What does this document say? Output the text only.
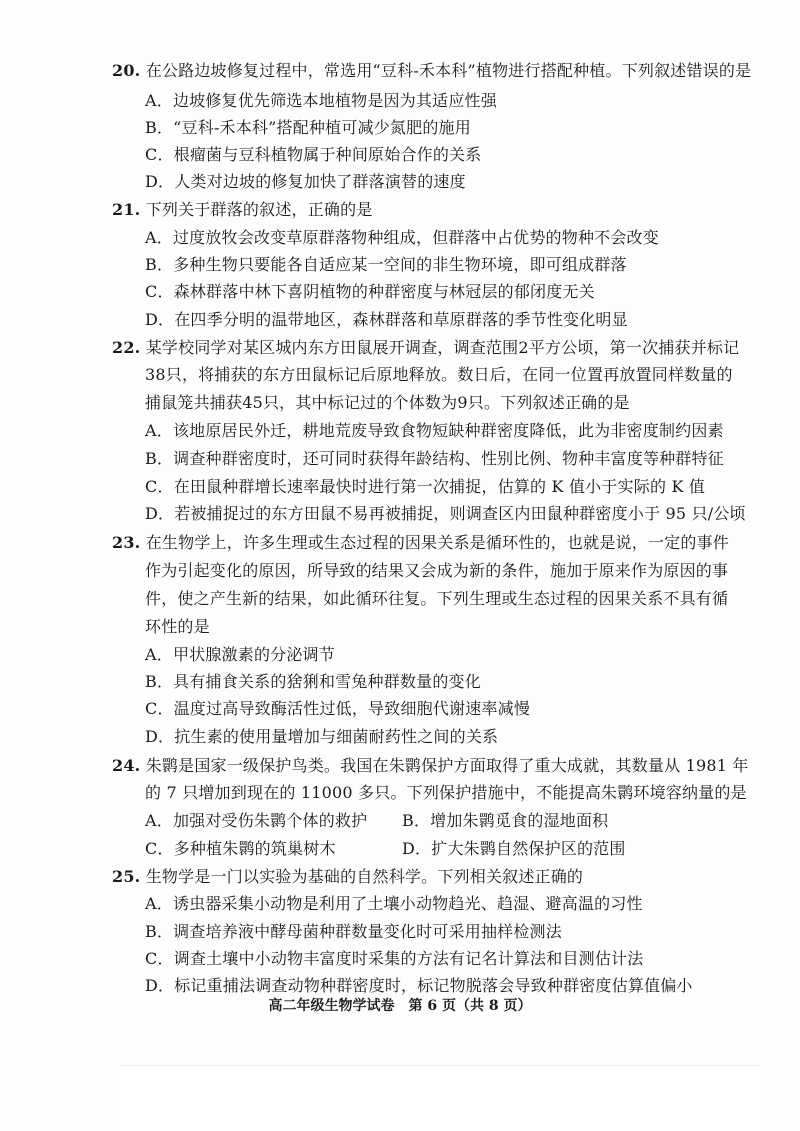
20. 在公路边坡修复过程中，常选用“豆科-禾本科”植物进行搭配种植。下列叙述错误的是
A．边坡修复优先筛选本地植物是因为其适应性强
B．“豆科-禾本科”搭配种植可减少氮肥的施用
C．根瘤菌与豆科植物属于种间原始合作的关系
D．人类对边坡的修复加快了群落演替的速度
21. 下列关于群落的叙述，正确的是
A．过度放牧会改变草原群落物种组成，但群落中占优势的物种不会改变
B．多种生物只要能各自适应某一空间的非生物环境，即可组成群落
C．森林群落中林下喜阴植物的种群密度与林冠层的郁闭度无关
D．在四季分明的温带地区，森林群落和草原群落的季节性变化明显
22. 某学校同学对某区城内东方田鼠展开调查，调查范围2平方公顷，第一次捕获并标记
38只，将捕获的东方田鼠标记后原地释放。数日后，在同一位置再放置同样数量的
捕鼠笼共捕获45只，其中标记过的个体数为9只。下列叙述正确的是
A．该地原居民外迁，耕地荒废导致食物短缺种群密度降低，此为非密度制约因素
B．调查种群密度时，还可同时获得年龄结构、性别比例、物种丰富度等种群特征
C．在田鼠种群增长速率最快时进行第一次捕捉，估算的 K 值小于实际的 K 值
D．若被捕捉过的东方田鼠不易再被捕捉，则调查区内田鼠种群密度小于 95 只/公顷
23. 在生物学上，许多生理或生态过程的因果关系是循环性的，也就是说，一定的事件
作为引起变化的原因，所导致的结果又会成为新的条件，施加于原来作为原因的事
件，使之产生新的结果，如此循环往复。下列生理或生态过程的因果关系不具有循
环性的是
A．甲状腺激素的分泌调节
B．具有捕食关系的猞猁和雪兔种群数量的变化
C．温度过高导致酶活性过低，导致细胞代谢速率减慢
D．抗生素的使用量增加与细菌耐药性之间的关系
24. 朱鹮是国家一级保护鸟类。我国在朱鹮保护方面取得了重大成就，其数量从 1981 年
的 7 只增加到现在的 11000 多只。下列保护措施中，不能提高朱鹮环境容纳量的是
A．加强对受伤朱鹮个体的救护 B．增加朱鹮觅食的湿地面积
C．多种植朱鹮的筑巢树木	D．扩大朱鹮自然保护区的范围
25. 生物学是一门以实验为基础的自然科学。下列相关叙述正确的
A．诱虫器采集小动物是利用了土壤小动物趋光、趋湿、避高温的习性
B．调查培养液中酵母菌种群数量变化时可采用抽样检测法
C．调查土壤中小动物丰富度时采集的方法有记名计算法和目测估计法
D．标记重捕法调查动物种群密度时，标记物脱落会导致种群密度估算值偏小
高二年级生物学试卷　第 6 页（共 8 页）
